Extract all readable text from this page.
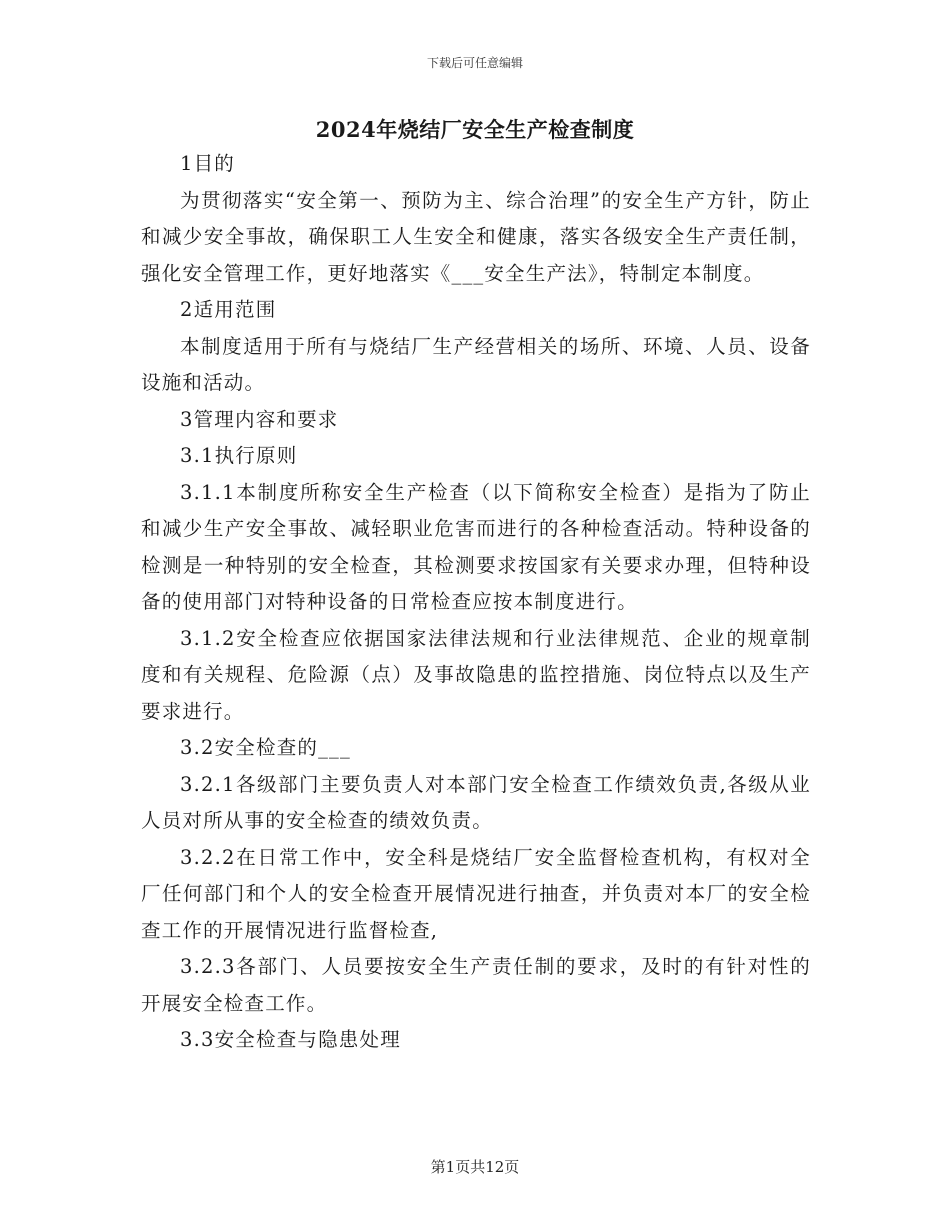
下载后可任意编辑
2024年烧结厂安全生产检查制度

1目的

为贯彻落实“安全第一、预防为主、综合治理”的安全生产方针，防止和减少安全事故，确保职工人生安全和健康，落实各级安全生产责任制，强化安全管理工作，更好地落实《___安全生产法》，特制定本制度。

2适用范围

本制度适用于所有与烧结厂生产经营相关的场所、环境、人员、设备设施和活动。

3管理内容和要求

3.1执行原则

3.1.1本制度所称安全生产检查（以下简称安全检查）是指为了防止和减少生产安全事故、减轻职业危害而进行的各种检查活动。特种设备的检测是一种特别的安全检查，其检测要求按国家有关要求办理，但特种设备的使用部门对特种设备的日常检查应按本制度进行。

3.1.2安全检查应依据国家法律法规和行业法律规范、企业的规章制度和有关规程、危险源（点）及事故隐患的监控措施、岗位特点以及生产要求进行。

3.2安全检查的___

3.2.1各级部门主要负责人对本部门安全检查工作绩效负责,各级从业人员对所从事的安全检查的绩效负责。

3.2.2在日常工作中，安全科是烧结厂安全监督检查机构，有权对全厂任何部门和个人的安全检查开展情况进行抽查，并负责对本厂的安全检查工作的开展情况进行监督检查,

3.2.3各部门、人员要按安全生产责任制的要求，及时的有针对性的开展安全检查工作。

3.3安全检查与隐患处理

第1页共12页
